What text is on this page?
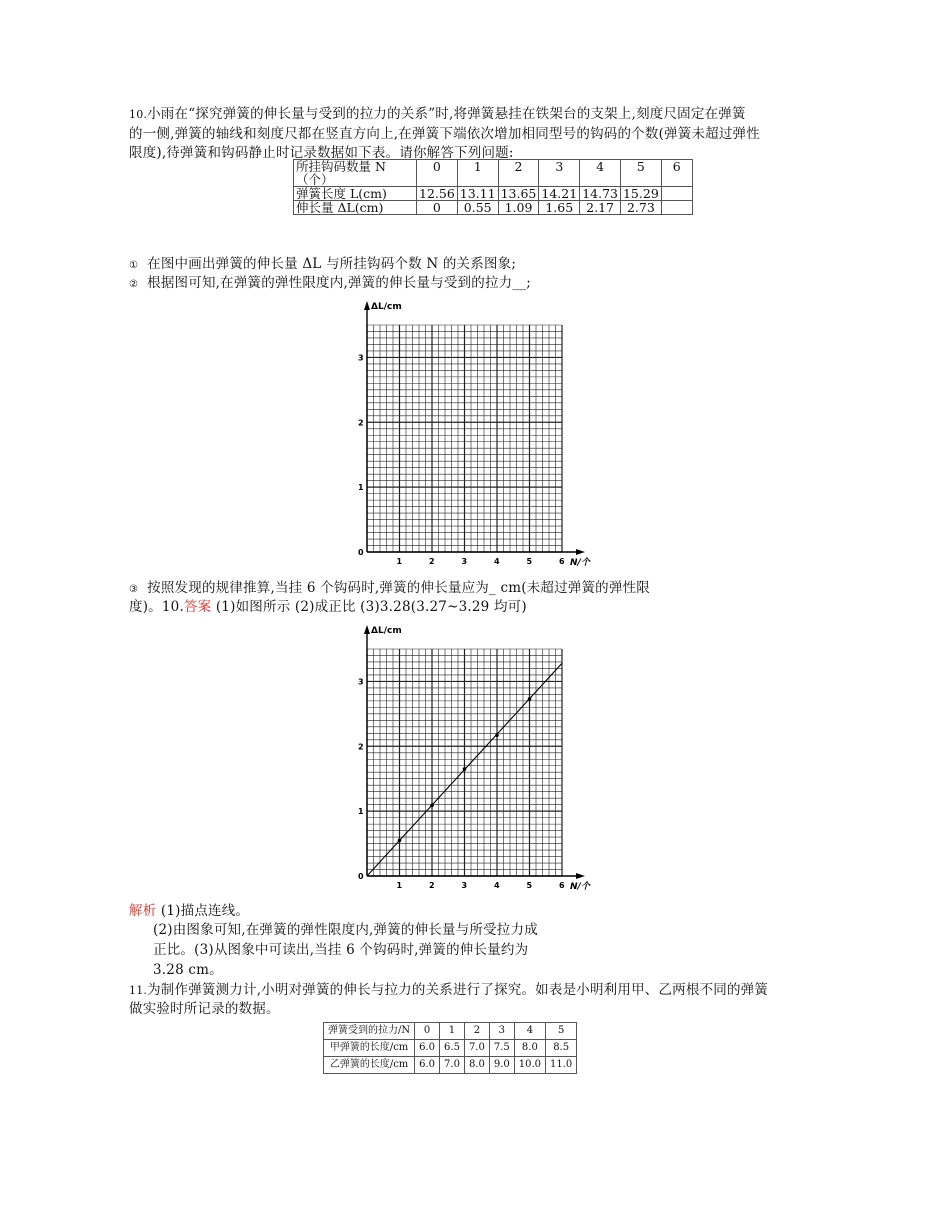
10.小雨在“探究弹簧的伸长量与受到的拉力的关系”时,将弹簧悬挂在铁架台的支架上,刻度尺固定在弹簧
的一侧,弹簧的轴线和刻度尺都在竖直方向上,在弹簧下端依次增加相同型号的钩码的个数(弹簧未超过弹性
限度),待弹簧和钩码静止时记录数据如下表。请你解答下列问题:
所挂钩码数量 N（个）	0	1	2	3	4	5	6
弹簧长度 L(cm)	12.56	13.11	13.65	14.21	14.73	15.29	
伸长量 ΔL(cm)	0	0.55	1.09	1.65	2.17	2.73	
① 在图中画出弹簧的伸长量 ΔL 与所挂钩码个数 N 的关系图象;
② 根据图可知,在弹簧的弹性限度内,弹簧的伸长量与受到的拉力__;
ΔL/cm
N/个
0
1	2	3	4	5	6
1
2
3
③ 按照发现的规律推算,当挂 6 个钩码时,弹簧的伸长量应为_ cm(未超过弹簧的弹性限
度)。10.答案 (1)如图所示 (2)成正比 (3)3.28(3.27~3.29 均可)
ΔL/cm
N/个
0
1	2	3	4	5	6
1
2
3
解析 (1)描点连线。
(2)由图象可知,在弹簧的弹性限度内,弹簧的伸长量与所受拉力成
正比。(3)从图象中可读出,当挂 6 个钩码时,弹簧的伸长量约为
3.28 cm。
11.为制作弹簧测力计,小明对弹簧的伸长与拉力的关系进行了探究。如表是小明利用甲、乙两根不同的弹簧
做实验时所记录的数据。
弹簧受到的拉力/N	0	1	2	3	4	5
甲弹簧的长度/cm	6.0	6.5	7.0	7.5	8.0	8.5
乙弹簧的长度/cm	6.0	7.0	8.0	9.0	10.0	11.0
